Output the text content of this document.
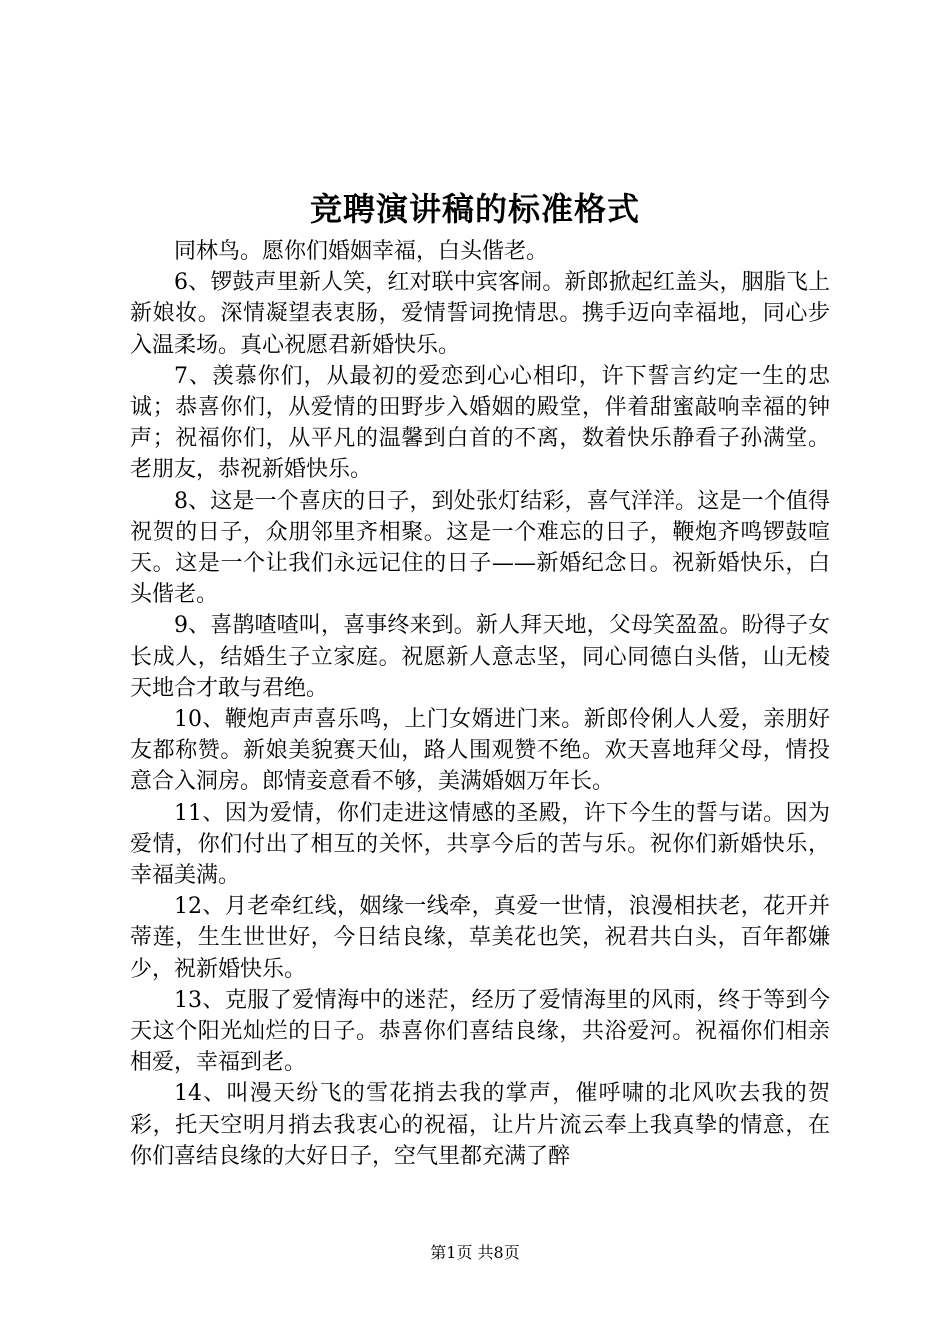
竞聘演讲稿的标准格式

同林鸟。愿你们婚姻幸福，白头偕老。

6、锣鼓声里新人笑，红对联中宾客闹。新郎掀起红盖头，胭脂飞上新娘妆。深情凝望表衷肠，爱情誓词挽情思。携手迈向幸福地，同心步入温柔场。真心祝愿君新婚快乐。

7、羡慕你们，从最初的爱恋到心心相印，许下誓言约定一生的忠诚；恭喜你们，从爱情的田野步入婚姻的殿堂，伴着甜蜜敲响幸福的钟声；祝福你们，从平凡的温馨到白首的不离，数着快乐静看子孙满堂。老朋友，恭祝新婚快乐。

8、这是一个喜庆的日子，到处张灯结彩，喜气洋洋。这是一个值得祝贺的日子，众朋邻里齐相聚。这是一个难忘的日子，鞭炮齐鸣锣鼓喧天。这是一个让我们永远记住的日子——新婚纪念日。祝新婚快乐，白头偕老。

9、喜鹊喳喳叫，喜事终来到。新人拜天地，父母笑盈盈。盼得子女长成人，结婚生子立家庭。祝愿新人意志坚，同心同德白头偕，山无棱天地合才敢与君绝。

10、鞭炮声声喜乐鸣，上门女婿进门来。新郎伶俐人人爱，亲朋好友都称赞。新娘美貌赛天仙，路人围观赞不绝。欢天喜地拜父母，情投意合入洞房。郎情妾意看不够，美满婚姻万年长。

11、因为爱情，你们走进这情感的圣殿，许下今生的誓与诺。因为爱情，你们付出了相互的关怀，共享今后的苦与乐。祝你们新婚快乐，幸福美满。

12、月老牵红线，姻缘一线牵，真爱一世情，浪漫相扶老，花开并蒂莲，生生世世好，今日结良缘，草美花也笑，祝君共白头，百年都嫌少，祝新婚快乐。

13、克服了爱情海中的迷茫，经历了爱情海里的风雨，终于等到今天这个阳光灿烂的日子。恭喜你们喜结良缘，共浴爱河。祝福你们相亲相爱，幸福到老。

14、叫漫天纷飞的雪花捎去我的掌声，催呼啸的北风吹去我的贺彩，托天空明月捎去我衷心的祝福，让片片流云奉上我真挚的情意，在你们喜结良缘的大好日子，空气里都充满了醉

第1页 共8页
